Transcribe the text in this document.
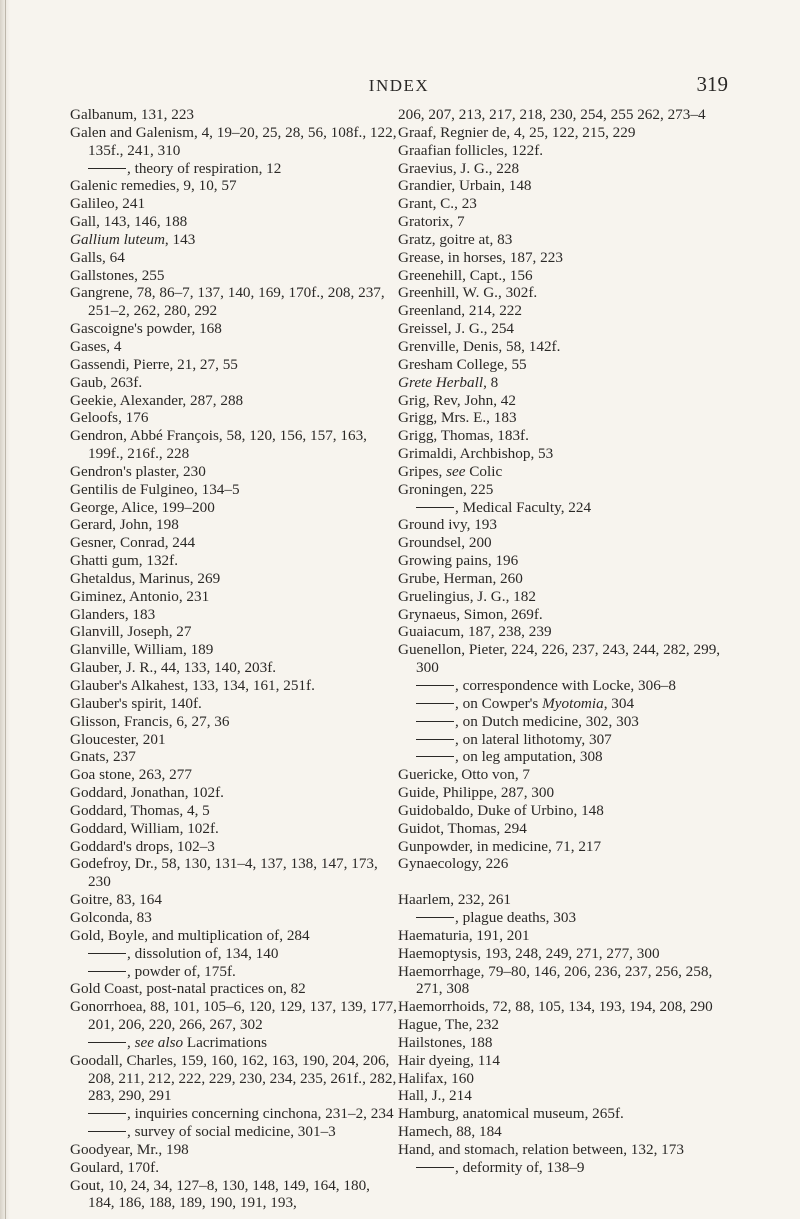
INDEX	319
Galbanum, 131, 223
Galen and Galenism, 4, 19–20, 25, 28, 56, 108f., 122, 135f., 241, 310
, theory of respiration, 12
Galenic remedies, 9, 10, 57
Galileo, 241
Gall, 143, 146, 188
Gallium luteum, 143
Galls, 64
Gallstones, 255
Gangrene, 78, 86–7, 137, 140, 169, 170f., 208, 237, 251–2, 262, 280, 292
Gascoigne's powder, 168
Gases, 4
Gassendi, Pierre, 21, 27, 55
Gaub, 263f.
Geekie, Alexander, 287, 288
Geloofs, 176
Gendron, Abbé François, 58, 120, 156, 157, 163, 199f., 216f., 228
Gendron's plaster, 230
Gentilis de Fulgineo, 134–5
George, Alice, 199–200
Gerard, John, 198
Gesner, Conrad, 244
Ghatti gum, 132f.
Ghetaldus, Marinus, 269
Giminez, Antonio, 231
Glanders, 183
Glanvill, Joseph, 27
Glanville, William, 189
Glauber, J. R., 44, 133, 140, 203f.
Glauber's Alkahest, 133, 134, 161, 251f.
Glauber's spirit, 140f.
Glisson, Francis, 6, 27, 36
Gloucester, 201
Gnats, 237
Goa stone, 263, 277
Goddard, Jonathan, 102f.
Goddard, Thomas, 4, 5
Goddard, William, 102f.
Goddard's drops, 102–3
Godefroy, Dr., 58, 130, 131–4, 137, 138, 147, 173, 230
Goitre, 83, 164
Golconda, 83
Gold, Boyle, and multiplication of, 284
, dissolution of, 134, 140
, powder of, 175f.
Gold Coast, post-natal practices on, 82
Gonorrhoea, 88, 101, 105–6, 120, 129, 137, 139, 177, 201, 206, 220, 266, 267, 302
, see also Lacrimations
Goodall, Charles, 159, 160, 162, 163, 190, 204, 206, 208, 211, 212, 222, 229, 230, 234, 235, 261f., 282, 283, 290, 291
, inquiries concerning cinchona, 231–2, 234
, survey of social medicine, 301–3
Goodyear, Mr., 198
Goulard, 170f.
Gout, 10, 24, 34, 127–8, 130, 148, 149, 164, 180, 184, 186, 188, 189, 190, 191, 193,
206, 207, 213, 217, 218, 230, 254, 255 262, 273–4
Graaf, Regnier de, 4, 25, 122, 215, 229
Graafian follicles, 122f.
Graevius, J. G., 228
Grandier, Urbain, 148
Grant, C., 23
Gratorix, 7
Gratz, goitre at, 83
Grease, in horses, 187, 223
Greenehill, Capt., 156
Greenhill, W. G., 302f.
Greenland, 214, 222
Greissel, J. G., 254
Grenville, Denis, 58, 142f.
Gresham College, 55
Grete Herball, 8
Grig, Rev, John, 42
Grigg, Mrs. E., 183
Grigg, Thomas, 183f.
Grimaldi, Archbishop, 53
Gripes, see Colic
Groningen, 225
, Medical Faculty, 224
Ground ivy, 193
Groundsel, 200
Growing pains, 196
Grube, Herman, 260
Gruelingius, J. G., 182
Grynaeus, Simon, 269f.
Guaiacum, 187, 238, 239
Guenellon, Pieter, 224, 226, 237, 243, 244, 282, 299, 300
, correspondence with Locke, 306–8
, on Cowper's Myotomia, 304
, on Dutch medicine, 302, 303
, on lateral lithotomy, 307
, on leg amputation, 308
Guericke, Otto von, 7
Guide, Philippe, 287, 300
Guidobaldo, Duke of Urbino, 148
Guidot, Thomas, 294
Gunpowder, in medicine, 71, 217
Gynaecology, 226
Haarlem, 232, 261
, plague deaths, 303
Haematuria, 191, 201
Haemoptysis, 193, 248, 249, 271, 277, 300
Haemorrhage, 79–80, 146, 206, 236, 237, 256, 258, 271, 308
Haemorrhoids, 72, 88, 105, 134, 193, 194, 208, 290
Hague, The, 232
Hailstones, 188
Hair dyeing, 114
Halifax, 160
Hall, J., 214
Hamburg, anatomical museum, 265f.
Hamech, 88, 184
Hand, and stomach, relation between, 132, 173
, deformity of, 138–9
